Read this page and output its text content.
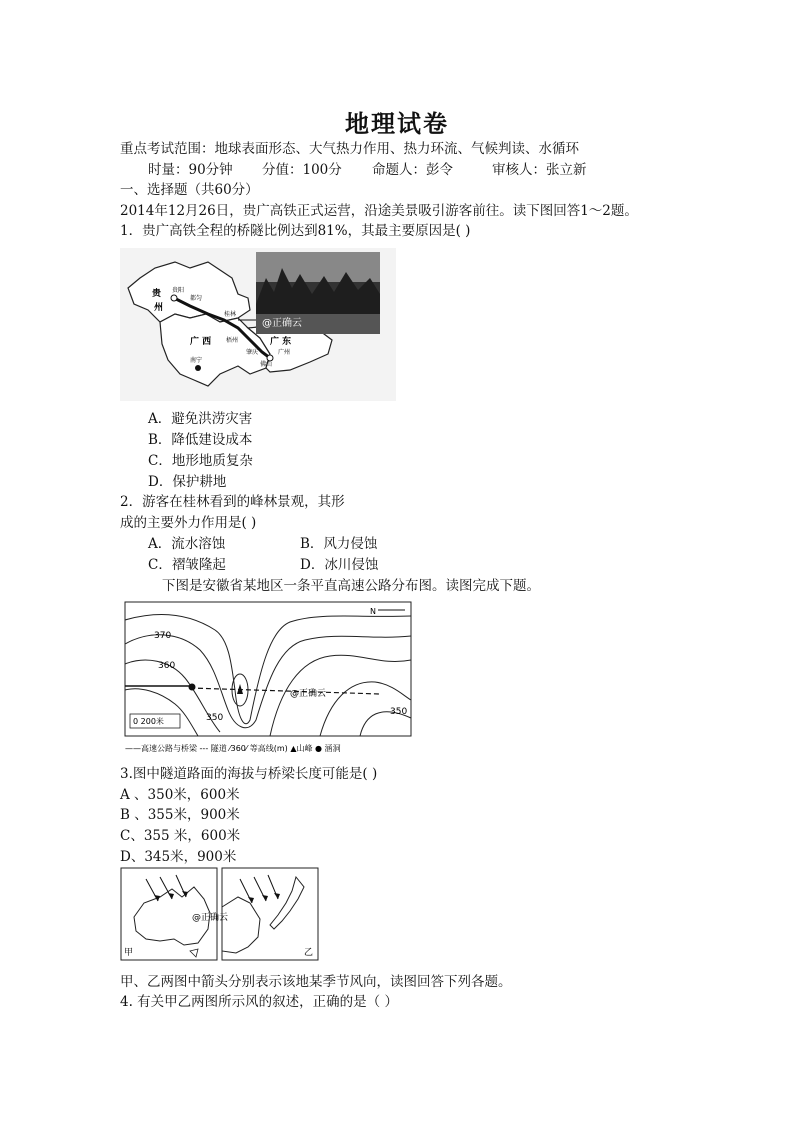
地理试卷
重点考试范围：地球表面形态、大气热力作用、热力环流、气候判读、水循环
时量：90分钟 分值：100分 命题人：彭令	审核人：张立新
一、选择题（共60分）
2014年12月26日，贵广高铁正式运营，沿途美景吸引游客前往。读下图回答1～2题。
1．贵广高铁全程的桥隧比例达到81%，其最主要原因是( )
贵
州
贵阳
都匀
桂林
广 西	广 东
梧州
肇庆	广州
佛山
南宁
@正确云
A．避免洪涝灾害
B．降低建设成本
C．地形地质复杂
D．保护耕地
2．游客在桂林看到的峰林景观，其形
成的主要外力作用是( )
A．流水溶蚀	B．风力侵蚀
C．褶皱隆起	D．冰川侵蚀
下图是安徽省某地区一条平直高速公路分布图。读图完成下题。
370
360
350
350
N
0 200米
@正确云
——高速公路与桥梁 --- 隧道 ⁄360⁄ 等高线(m) ▲山峰 ● 涵洞
3.图中隧道路面的海拔与桥梁长度可能是( )
A 、350米，600米
B 、355米，900米
C、355 米，600米
D、345米，900米
甲	乙
@正确云
甲、乙两图中箭头分别表示该地某季节风向，读图回答下列各题。
4. 有关甲乙两图所示风的叙述，正确的是（ ）
